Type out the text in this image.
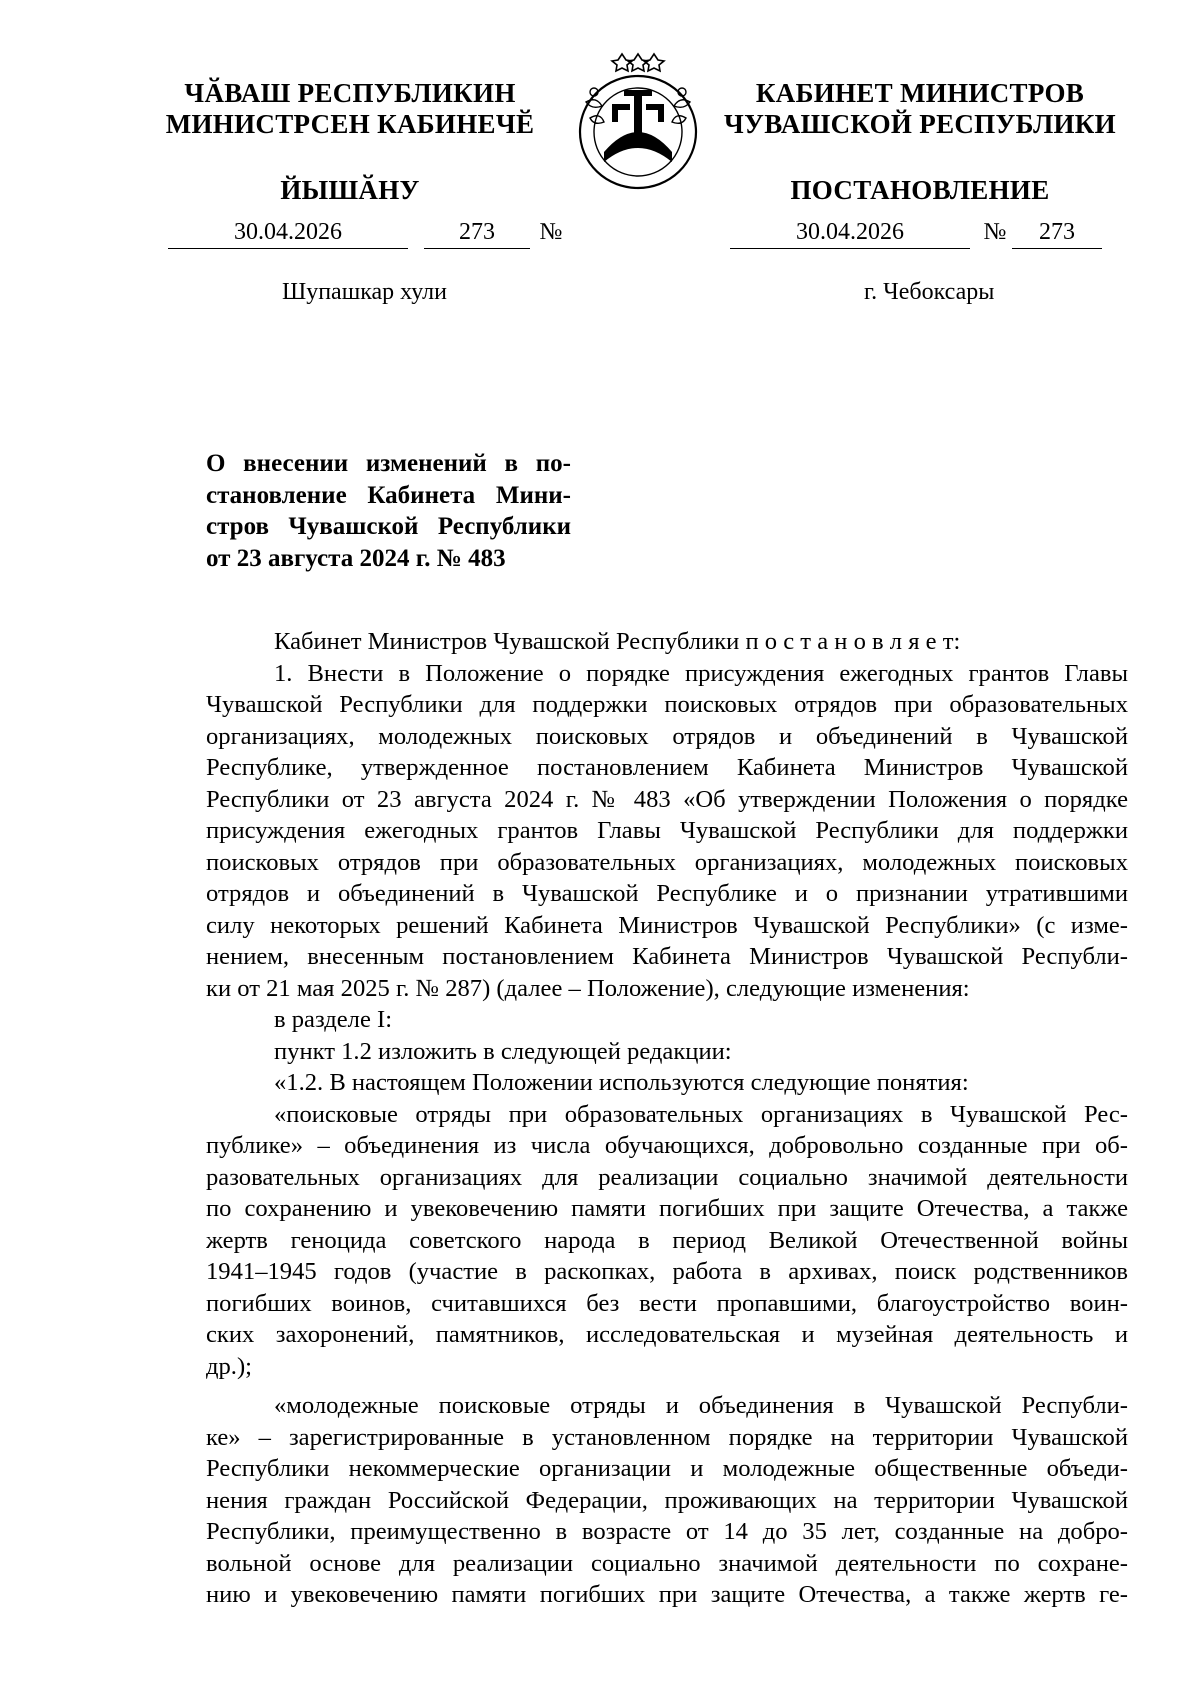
ЧӐВАШ РЕСПУБЛИКИН
МИНИСТРСЕН КАБИНЕЧӖ
ЙЫШӐНУ
КАБИНЕТ МИНИСТРОВ
ЧУВАШСКОЙ РЕСПУБЛИКИ
ПОСТАНОВЛЕНИЕ
30.04.2026	273	№	30.04.2026	№	273
Шупашкар хули	г. Чебоксары
О внесении изменений в по-
становление Кабинета Мини-
стров Чувашской Республики
от 23 августа 2024 г. № 483
Кабинет Министров Чувашской Республики п о с т а н о в л я е т:
1. Внести в Положение о порядке присуждения ежегодных грантов Главы
Чувашской Республики для поддержки поисковых отрядов при образовательных
организациях, молодежных поисковых отрядов и объединений в Чувашской
Республике, утвержденное постановлением Кабинета Министров Чувашской
Республики от 23 августа 2024 г. № 483 «Об утверждении Положения о порядке
присуждения ежегодных грантов Главы Чувашской Республики для поддержки
поисковых отрядов при образовательных организациях, молодежных поисковых
отрядов и объединений в Чувашской Республике и о признании утратившими
силу некоторых решений Кабинета Министров Чувашской Республики» (с изме-
нением, внесенным постановлением Кабинета Министров Чувашской Республи-
ки от 21 мая 2025 г. № 287) (далее – Положение), следующие изменения:
в разделе I:
пункт 1.2 изложить в следующей редакции:
«1.2. В настоящем Положении используются следующие понятия:
«поисковые отряды при образовательных организациях в Чувашской Рес-
публике» – объединения из числа обучающихся, добровольно созданные при об-
разовательных организациях для реализации социально значимой деятельности
по сохранению и увековечению памяти погибших при защите Отечества, а также
жертв геноцида советского народа в период Великой Отечественной войны
1941–1945 годов (участие в раскопках, работа в архивах, поиск родственников
погибших воинов, считавшихся без вести пропавшими, благоустройство воин-
ских захоронений, памятников, исследовательская и музейная деятельность и
др.);
«молодежные поисковые отряды и объединения в Чувашской Республи-
ке» – зарегистрированные в установленном порядке на территории Чувашской
Республики некоммерческие организации и молодежные общественные объеди-
нения граждан Российской Федерации, проживающих на территории Чувашской
Республики, преимущественно в возрасте от 14 до 35 лет, созданные на добро-
вольной основе для реализации социально значимой деятельности по сохране-
нию и увековечению памяти погибших при защите Отечества, а также жертв ге-
